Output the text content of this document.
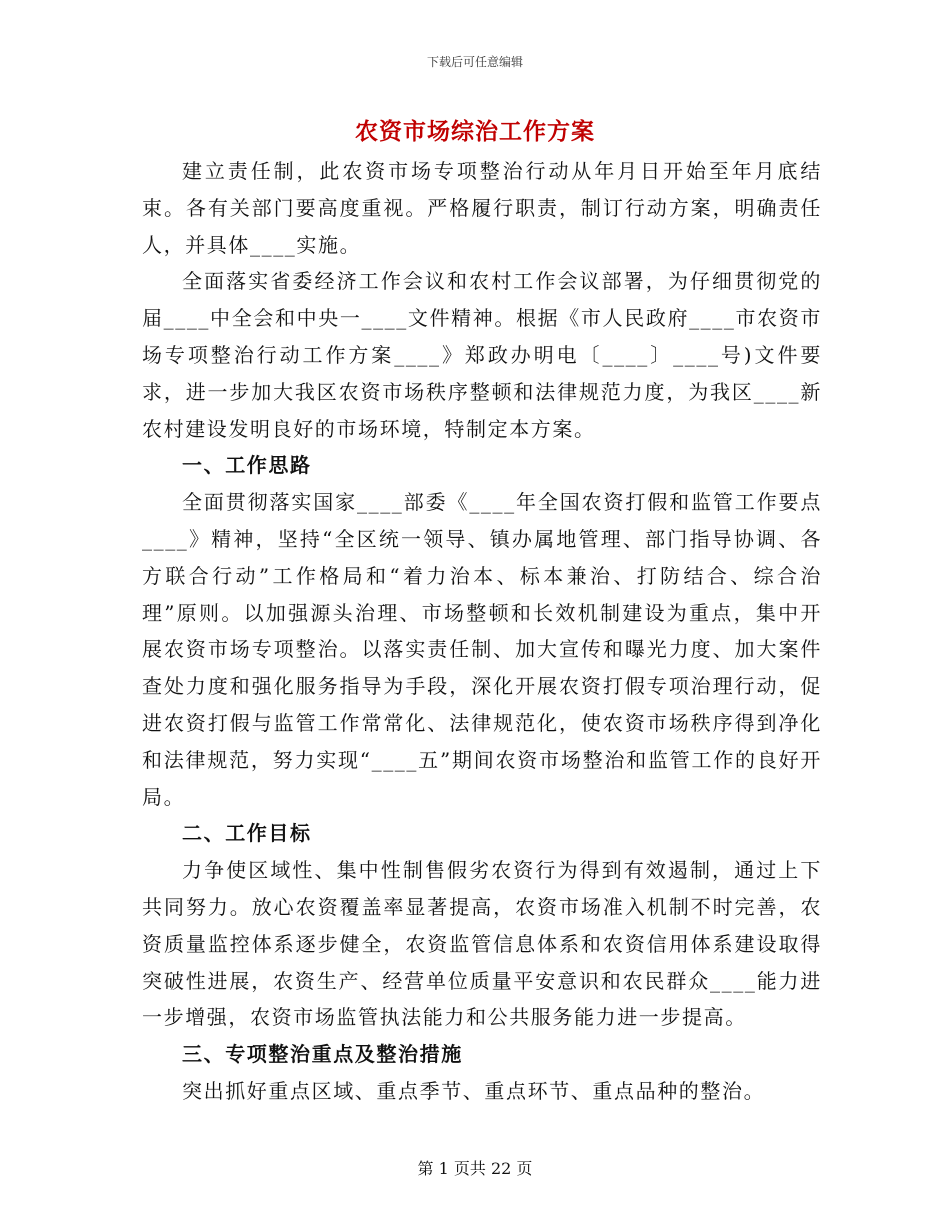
下载后可任意编辑
农资市场综治工作方案

建立责任制，此农资市场专项整治行动从年月日开始至年月底结束。各有关部门要高度重视。严格履行职责，制订行动方案，明确责任人，并具体____实施。

全面落实省委经济工作会议和农村工作会议部署，为仔细贯彻党的届____中全会和中央一____文件精神。根据《市人民政府____市农资市场专项整治行动工作方案____》郑政办明电〔____〕____号)文件要求，进一步加大我区农资市场秩序整顿和法律规范力度，为我区____新农村建设发明良好的市场环境，特制定本方案。

一、工作思路

全面贯彻落实国家____部委《____年全国农资打假和监管工作要点____》精神，坚持“全区统一领导、镇办属地管理、部门指导协调、各方联合行动”工作格局和“着力治本、标本兼治、打防结合、综合治理”原则。以加强源头治理、市场整顿和长效机制建设为重点，集中开展农资市场专项整治。以落实责任制、加大宣传和曝光力度、加大案件查处力度和强化服务指导为手段，深化开展农资打假专项治理行动，促进农资打假与监管工作常常化、法律规范化，使农资市场秩序得到净化和法律规范，努力实现“____五”期间农资市场整治和监管工作的良好开局。

二、工作目标

力争使区域性、集中性制售假劣农资行为得到有效遏制，通过上下共同努力。放心农资覆盖率显著提高，农资市场准入机制不时完善，农资质量监控体系逐步健全，农资监管信息体系和农资信用体系建设取得突破性进展，农资生产、经营单位质量平安意识和农民群众____能力进一步增强，农资市场监管执法能力和公共服务能力进一步提高。

三、专项整治重点及整治措施

突出抓好重点区域、重点季节、重点环节、重点品种的整治。

第 1 页共 22 页
